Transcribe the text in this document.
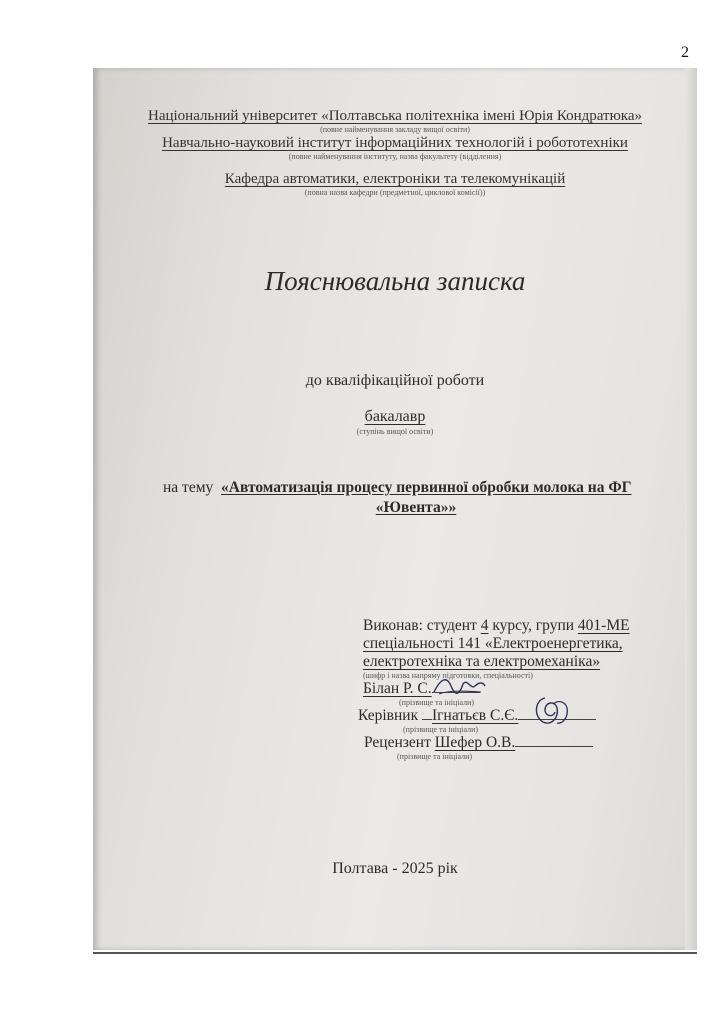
2
Національний університет «Полтавська політехніка імені Юрія Кондратюка»
(повне найменування закладу вищої освіти)
Навчально-науковий інститут інформаційних технологій і робототехніки
(повне найменування інституту, назва факультету (відділення)
Кафедра автоматики, електроніки та телекомунікацій
(повна назва кафедри (предметної, циклової комісії))
Пояснювальна записка
до кваліфікаційної роботи
бакалавр
(ступінь вищої освіти)
на тему «Автоматизація процесу первинної обробки молока на ФГ
«Ювента»»
Виконав: студент 4 курсу, групи 401-МЕ
спеціальності 141 «Електроенергетика,
електротехніка та електромеханіка»
(шифр і назва напряму підготовки, спеціальності)
Білан Р. С.
(прізвище та ініціали)
Керівник Ігнатьєв С.Є.
(прізвище та ініціали)
Рецензент Шефер О.В.
(прізвище та ініціали)
Полтава - 2025 рік
